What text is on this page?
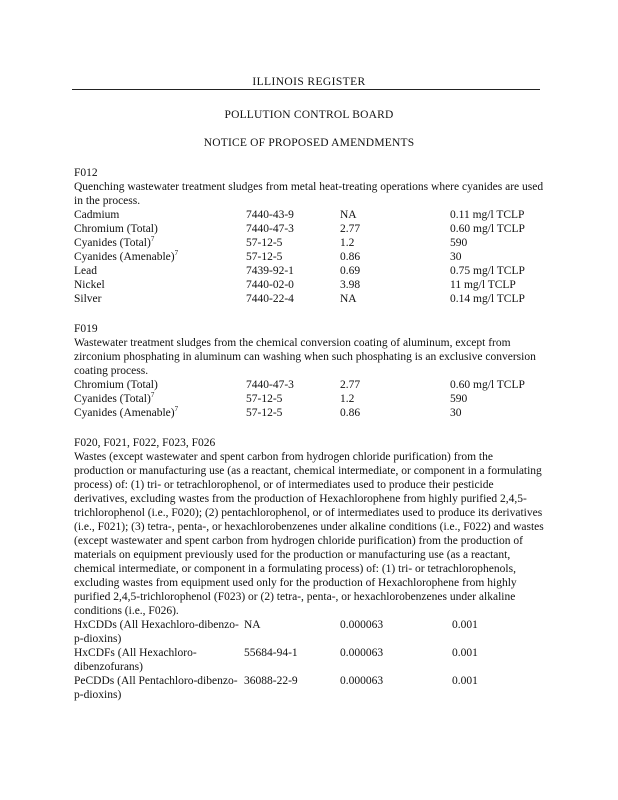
ILLINOIS REGISTER
POLLUTION CONTROL BOARD
NOTICE OF PROPOSED AMENDMENTS

F012

Quenching wastewater treatment sludges from metal heat-treating operations where cyanides are used in the process.

Cadmium	7440-43-9	NA	0.11 mg/l TCLP
Chromium (Total)	7440-47-3	2.77	0.60 mg/l TCLP
Cyanides (Total)$^7$	57-12-5	1.2	590
Cyanides (Amenable)$^7$	57-12-5	0.86	30
Lead	7439-92-1	0.69	0.75 mg/l TCLP
Nickel	7440-02-0	3.98	11 mg/l TCLP
Silver	7440-22-4	NA	0.14 mg/l TCLP

F019

Wastewater treatment sludges from the chemical conversion coating of aluminum, except from zirconium phosphating in aluminum can washing when such phosphating is an exclusive conversion coating process.

Chromium (Total)	7440-47-3	2.77	0.60 mg/l TCLP
Cyanides (Total)$^7$	57-12-5	1.2	590
Cyanides (Amenable)$^7$	57-12-5	0.86	30

F020, F021, F022, F023, F026

Wastes (except wastewater and spent carbon from hydrogen chloride purification) from the production or manufacturing use (as a reactant, chemical intermediate, or component in a formulating process) of: (1) tri- or tetrachlorophenol, or of intermediates used to produce their pesticide derivatives, excluding wastes from the production of Hexachlorophene from highly purified 2,4,5-trichlorophenol (i.e., F020); (2) pentachlorophenol, or of intermediates used to produce its derivatives (i.e., F021); (3) tetra-, penta-, or hexachlorobenzenes under alkaline conditions (i.e., F022) and wastes (except wastewater and spent carbon from hydrogen chloride purification) from the production of materials on equipment previously used for the production or manufacturing use (as a reactant, chemical intermediate, or component in a formulating process) of: (1) tri- or tetrachlorophenols, excluding wastes from equipment used only for the production of Hexachlorophene from highly purified 2,4,5-trichlorophenol (F023) or (2) tetra-, penta-, or hexachlorobenzenes under alkaline conditions (i.e., F026).

HxCDDs (All Hexachloro-dibenzo-p-dioxins)	NA	0.000063	0.001
HxCDFs (All Hexachloro-dibenzofurans)	55684-94-1	0.000063	0.001
PeCDDs (All Pentachloro-dibenzo-p-dioxins)	36088-22-9	0.000063	0.001
